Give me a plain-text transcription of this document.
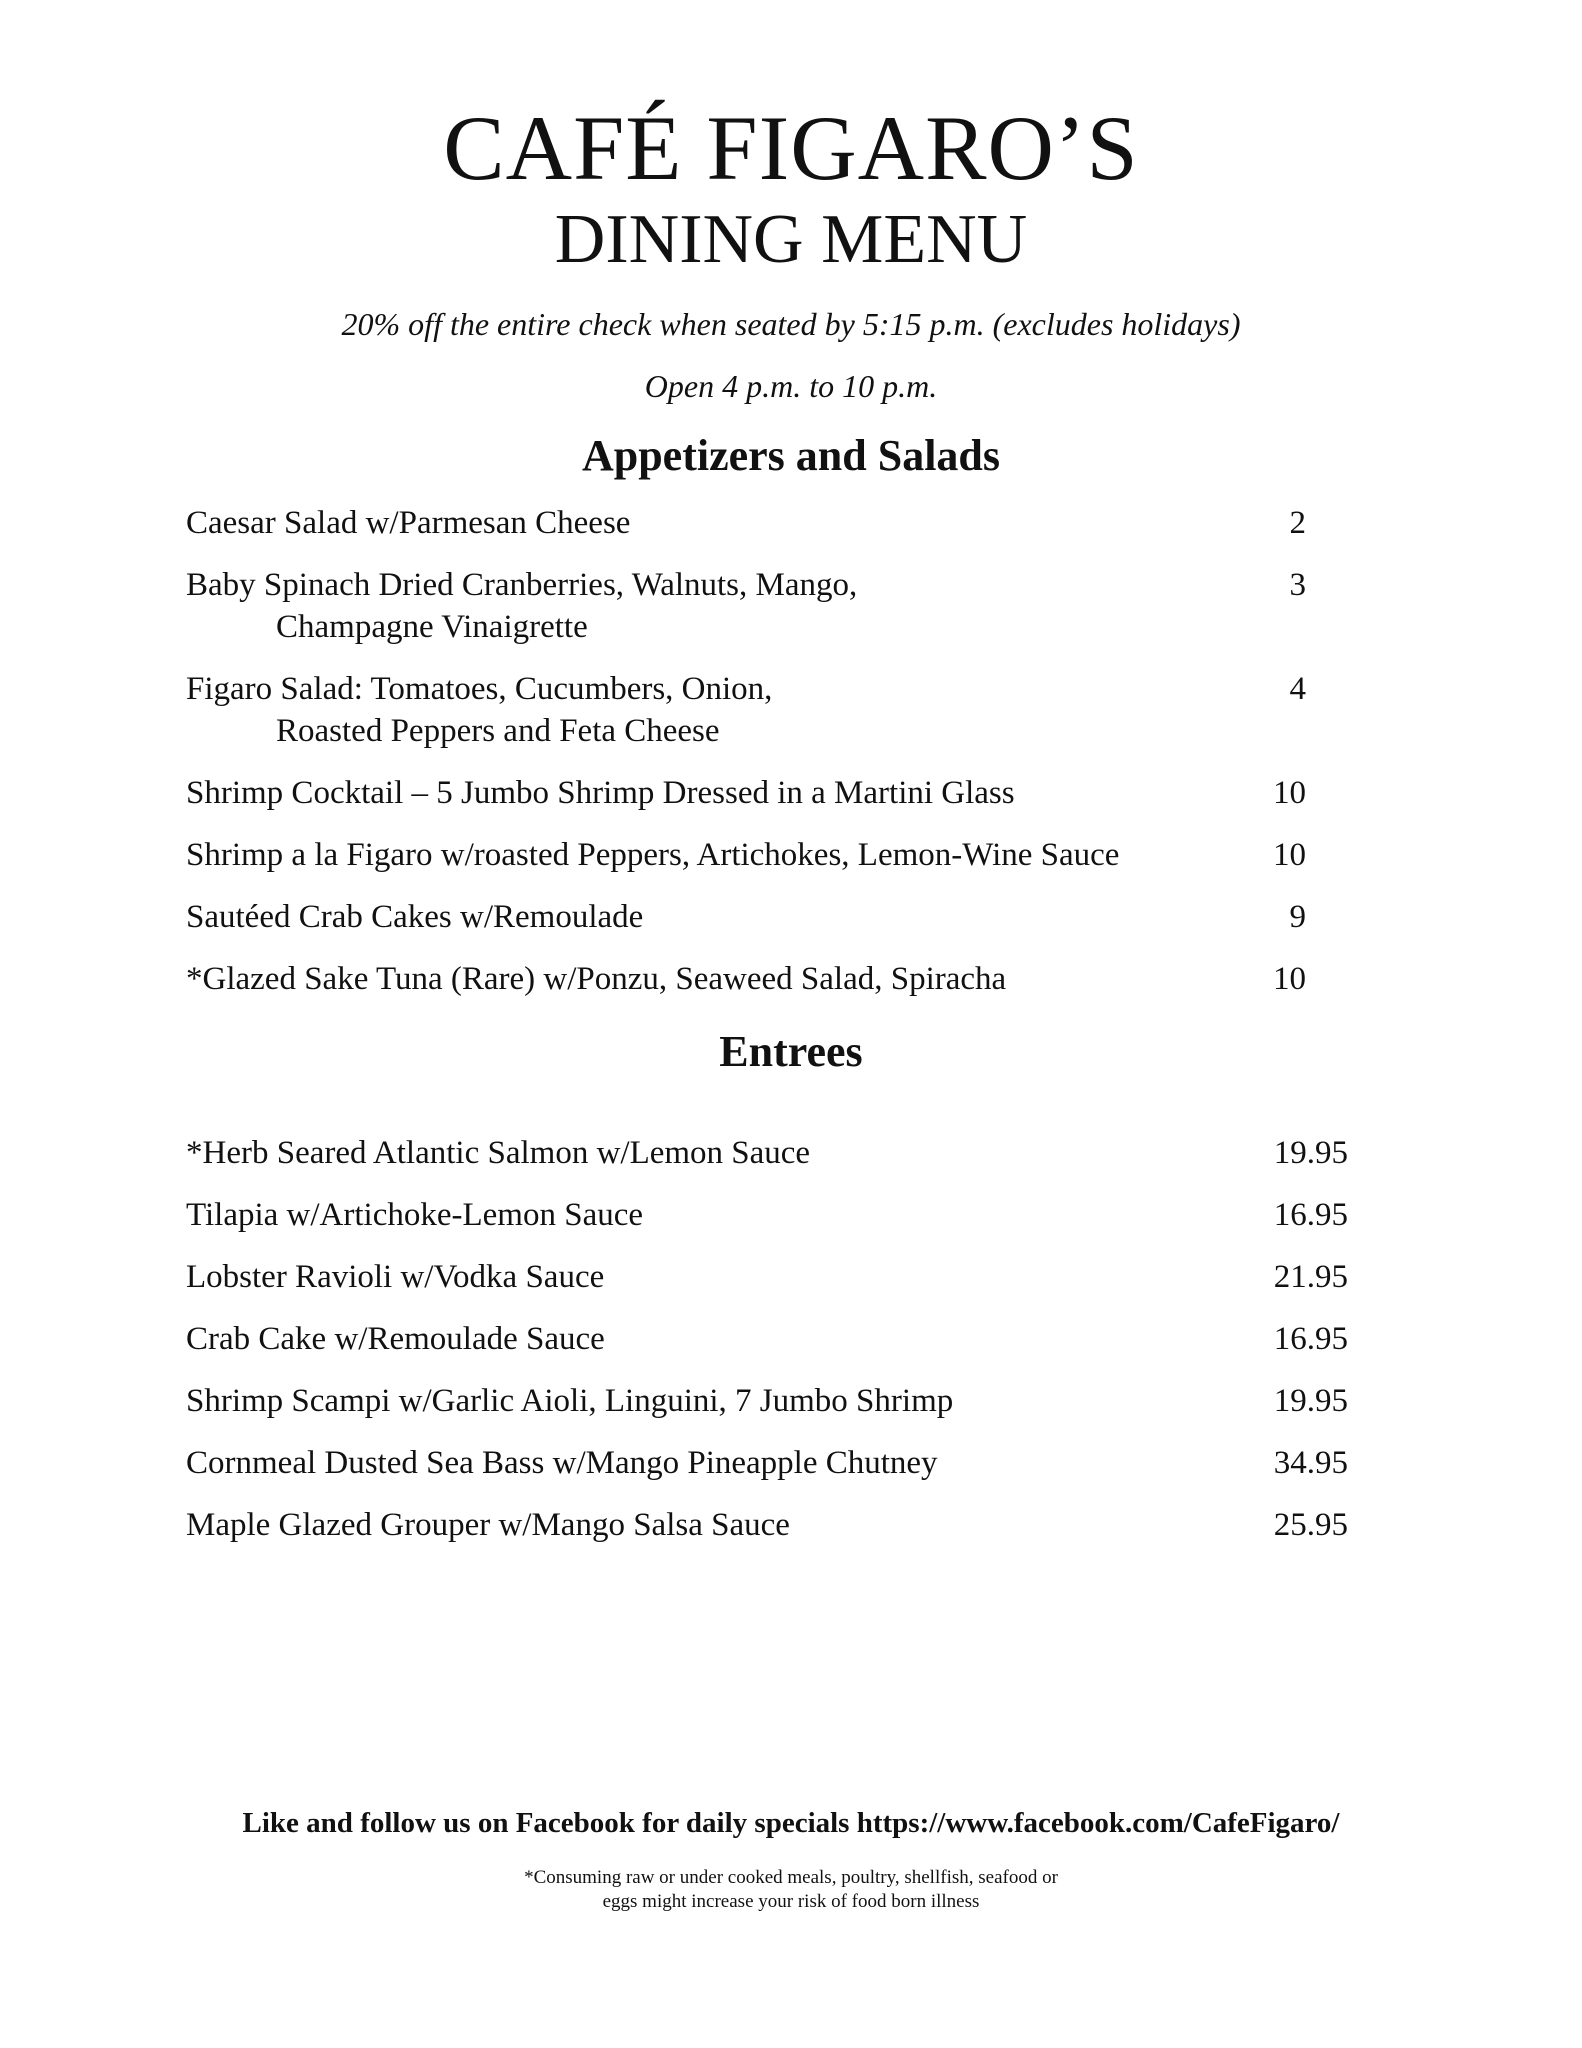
CAFÉ FIGARO’S
DINING MENU
20% off the entire check when seated by 5:15 p.m. (excludes holidays)
Open 4 p.m. to 10 p.m.
Appetizers and Salads
Caesar Salad w/Parmesan Cheese	2
Baby Spinach Dried Cranberries, Walnuts, Mango,
Champagne Vinaigrette
3
Figaro Salad: Tomatoes, Cucumbers, Onion,
Roasted Peppers and Feta Cheese
4
Shrimp Cocktail – 5 Jumbo Shrimp Dressed in a Martini Glass	10
Shrimp a la Figaro w/roasted Peppers, Artichokes, Lemon-Wine Sauce	10
Sautéed Crab Cakes w/Remoulade	9
*Glazed Sake Tuna (Rare) w/Ponzu, Seaweed Salad, Spiracha	10
Entrees
*Herb Seared Atlantic Salmon w/Lemon Sauce	19.95
Tilapia w/Artichoke-Lemon Sauce	16.95
Lobster Ravioli w/Vodka Sauce	21.95
Crab Cake w/Remoulade Sauce	16.95
Shrimp Scampi w/Garlic Aioli, Linguini, 7 Jumbo Shrimp	19.95
Cornmeal Dusted Sea Bass w/Mango Pineapple Chutney	34.95
Maple Glazed Grouper w/Mango Salsa Sauce	25.95
Like and follow us on Facebook for daily specials https://www.facebook.com/CafeFigaro/
*Consuming raw or under cooked meals, poultry, shellfish, seafood or
eggs might increase your risk of food born illness
